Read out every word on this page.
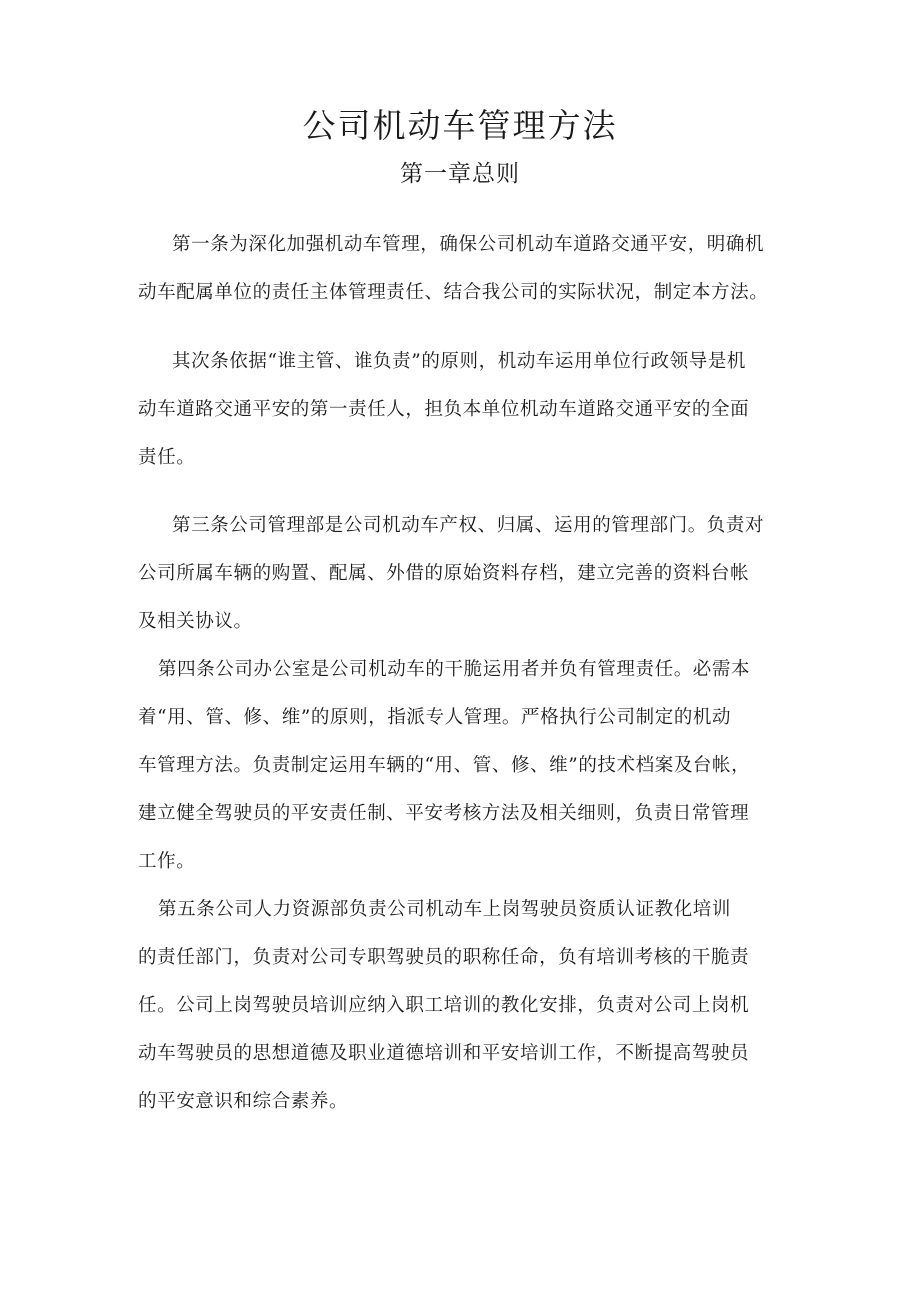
公司机动车管理方法
第一章总则

第一条为深化加强机动车管理，确保公司机动车道路交通平安，明确机
动车配属单位的责任主体管理责任、结合我公司的实际状况，制定本方法。

其次条依据“谁主管、谁负责”的原则，机动车运用单位行政领导是机
动车道路交通平安的第一责任人，担负本单位机动车道路交通平安的全面
责任。

第三条公司管理部是公司机动车产权、归属、运用的管理部门。负责对
公司所属车辆的购置、配属、外借的原始资料存档，建立完善的资料台帐
及相关协议。

第四条公司办公室是公司机动车的干脆运用者并负有管理责任。必需本
着“用、管、修、维”的原则，指派专人管理。严格执行公司制定的机动
车管理方法。负责制定运用车辆的“用、管、修、维”的技术档案及台帐，
建立健全驾驶员的平安责任制、平安考核方法及相关细则，负责日常管理
工作。

第五条公司人力资源部负责公司机动车上岗驾驶员资质认证教化培训
的责任部门，负责对公司专职驾驶员的职称任命，负有培训考核的干脆责
任。公司上岗驾驶员培训应纳入职工培训的教化安排，负责对公司上岗机
动车驾驶员的思想道德及职业道德培训和平安培训工作，不断提高驾驶员
的平安意识和综合素养。
